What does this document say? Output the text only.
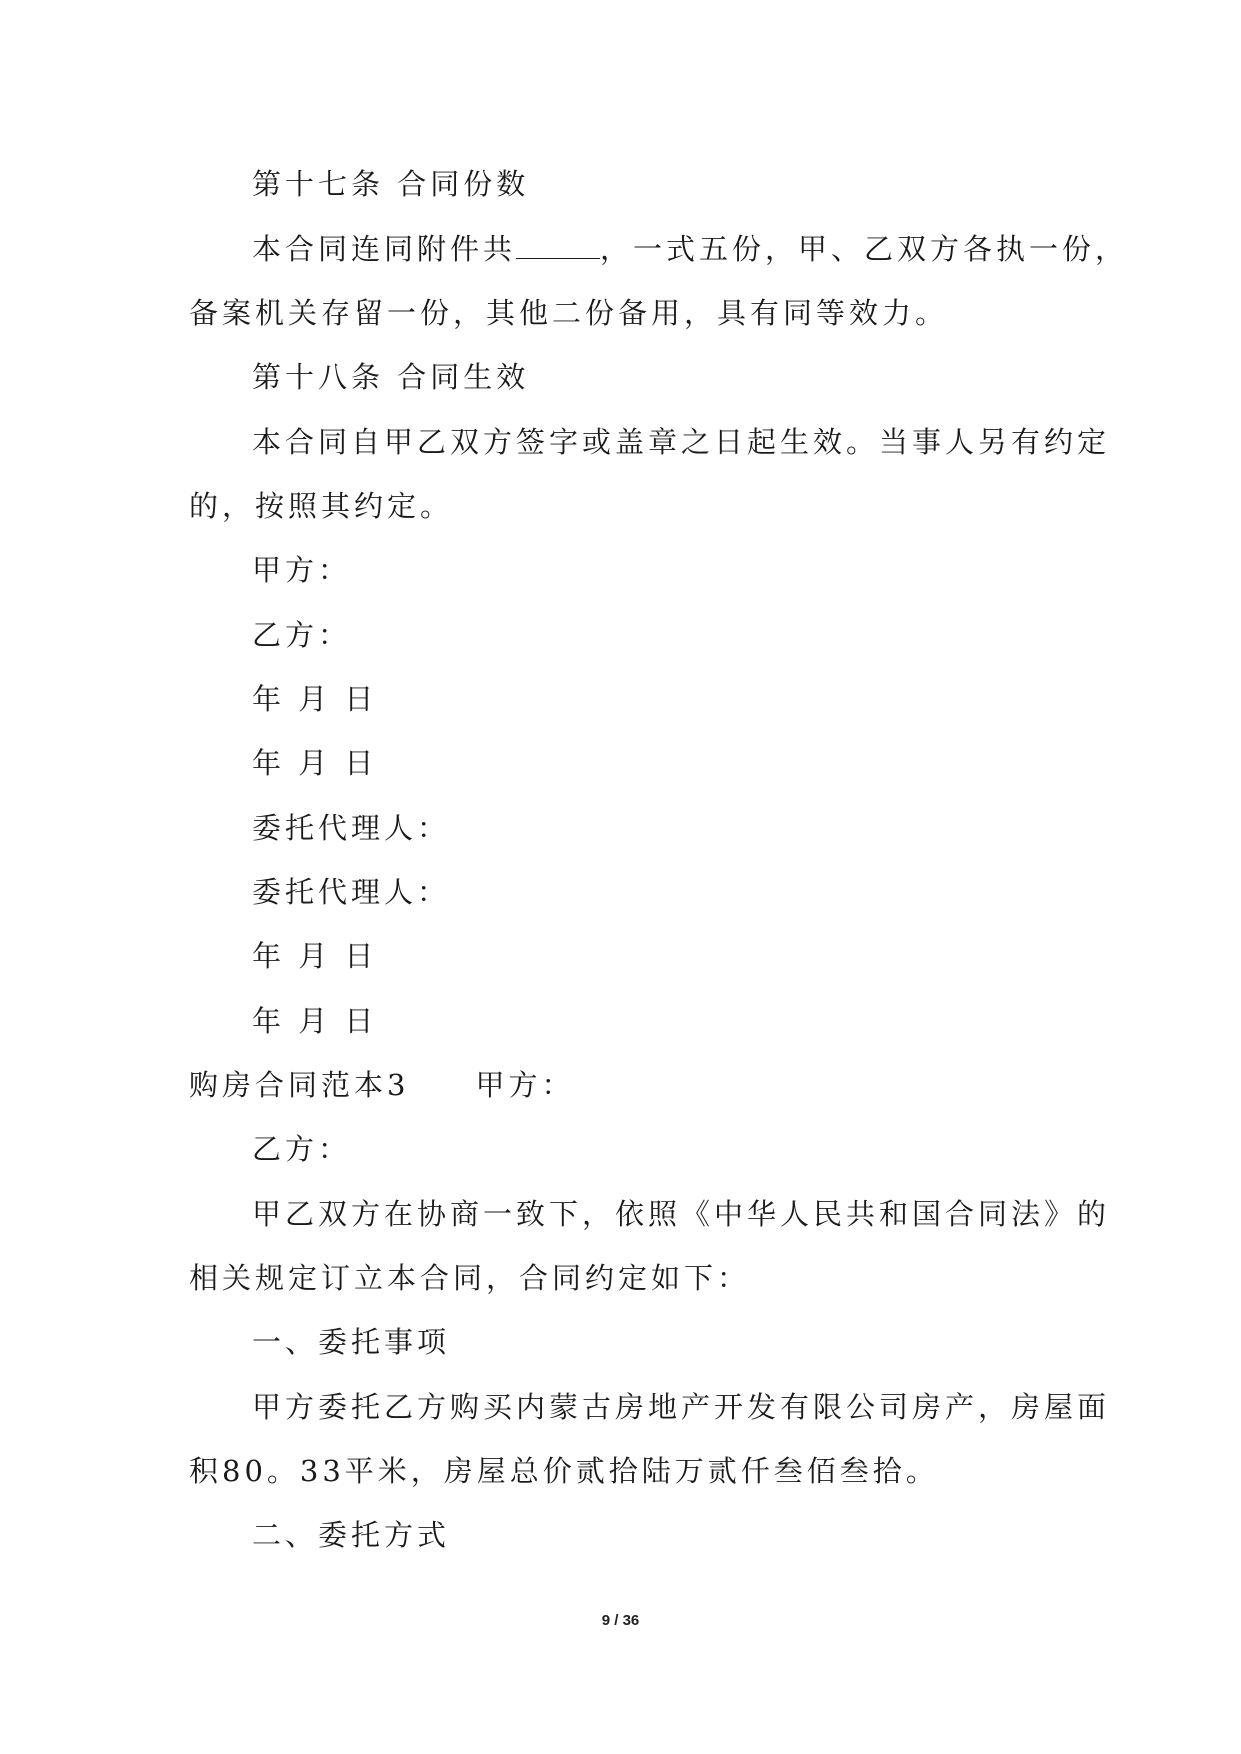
第十七条 合同份数
本合同连同附件共	，一式五份，甲、乙双方各执一份，
备案机关存留一份，其他二份备用，具有同等效力。
第十八条 合同生效
本合同自甲乙双方签字或盖章之日起生效。当事人另有约定
的，按照其约定。
甲方：
乙方：
年 月 日
年 月 日
委托代理人：
委托代理人：
年 月 日
年 月 日
购房合同范本3 甲方：
乙方：
甲乙双方在协商一致下，依照《中华人民共和国合同法》的
相关规定订立本合同，合同约定如下：
一、委托事项
甲方委托乙方购买内蒙古房地产开发有限公司房产，房屋面
积80。33平米，房屋总价贰拾陆万贰仟叁佰叁拾。
二、委托方式
9 / 36
